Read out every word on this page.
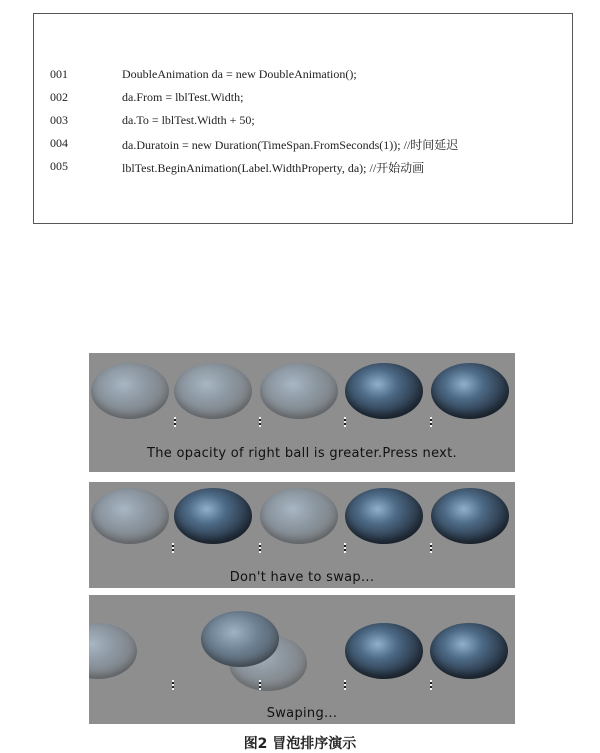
001	DoubleAnimation da = new DoubleAnimation();
002	da.From = lblTest.Width;
003	da.To = lblTest.Width + 50;
004	da.Duratoin = new Duration(TimeSpan.FromSeconds(1)); //时间延迟
005	lblTest.BeginAnimation(Label.WidthProperty, da); //开始动画
The opacity of right ball is greater.Press next.
Don't have to swap...
Swaping...
图2 冒泡排序演示
